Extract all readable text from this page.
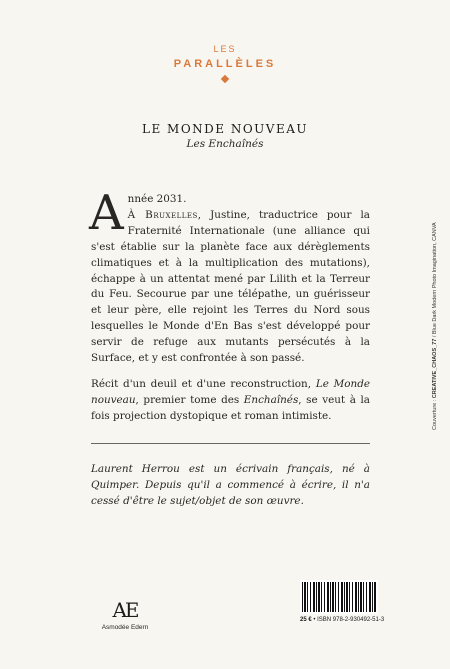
LES
PARALLÈLES
LE MONDE NOUVEAU
Les Enchaînés

Année 2031.
À Bruxelles, Justine, traductrice pour la Fraternité Internationale (une alliance qui s'est établie sur la planète face aux dérèglements climatiques et à la multiplication des mutations), échappe à un attentat mené par Lilith et la Terreur du Feu. Secourue par une télépathe, un guérisseur et leur père, elle rejoint les Terres du Nord sous lesquelles le Monde d'En Bas s'est développé pour servir de refuge aux mutants persécutés à la Surface, et y est confrontée à son passé.

Récit d'un deuil et d'une reconstruction, Le Monde nouveau, premier tome des Enchaînés, se veut à la fois projection dystopique et roman intimiste.

Laurent Herrou est un écrivain français, né à Quimper. Depuis qu'il a commencé à écrire, il n'a cessé d'être le sujet/objet de son œuvre.

Couverture : CREATIVE_CHAOS_77 / Blue Dark Modern Photo Imagination, CANVA
AE
Asmodée Edern
25 € • ISBN 978-2-930492-51-3
